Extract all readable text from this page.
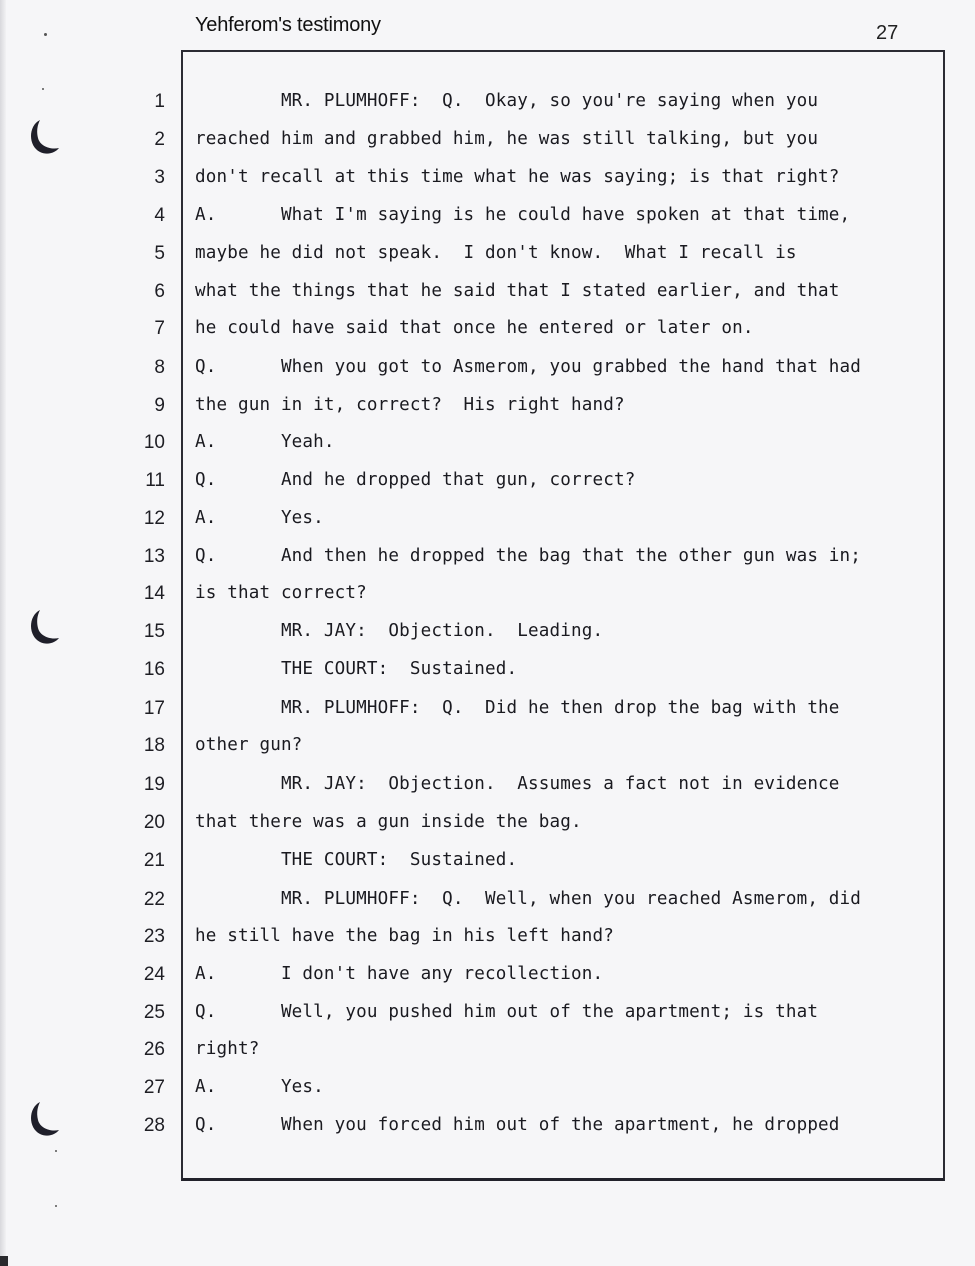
Yehferom's testimony	27
1 MR. PLUMHOFF:  Q.  Okay, so you're saying when you
2 reached him and grabbed him, he was still talking, but you
3 don't recall at this time what he was saying; is that right?
4 A.      What I'm saying is he could have spoken at that time,
5 maybe he did not speak.  I don't know.  What I recall is
6 what the things that he said that I stated earlier, and that
7 he could have said that once he entered or later on.
8 Q.      When you got to Asmerom, you grabbed the hand that had
9 the gun in it, correct?  His right hand?
10 A.      Yeah.
11 Q.      And he dropped that gun, correct?
12 A.      Yes.
13 Q.      And then he dropped the bag that the other gun was in;
14 is that correct?
15 MR. JAY:  Objection.  Leading.
16 THE COURT:  Sustained.
17 MR. PLUMHOFF:  Q.  Did he then drop the bag with the
18 other gun?
19 MR. JAY:  Objection.  Assumes a fact not in evidence
20 that there was a gun inside the bag.
21 THE COURT:  Sustained.
22 MR. PLUMHOFF:  Q.  Well, when you reached Asmerom, did
23 he still have the bag in his left hand?
24 A.      I don't have any recollection.
25 Q.      Well, you pushed him out of the apartment; is that
26 right?
27 A.      Yes.
28 Q.      When you forced him out of the apartment, he dropped
